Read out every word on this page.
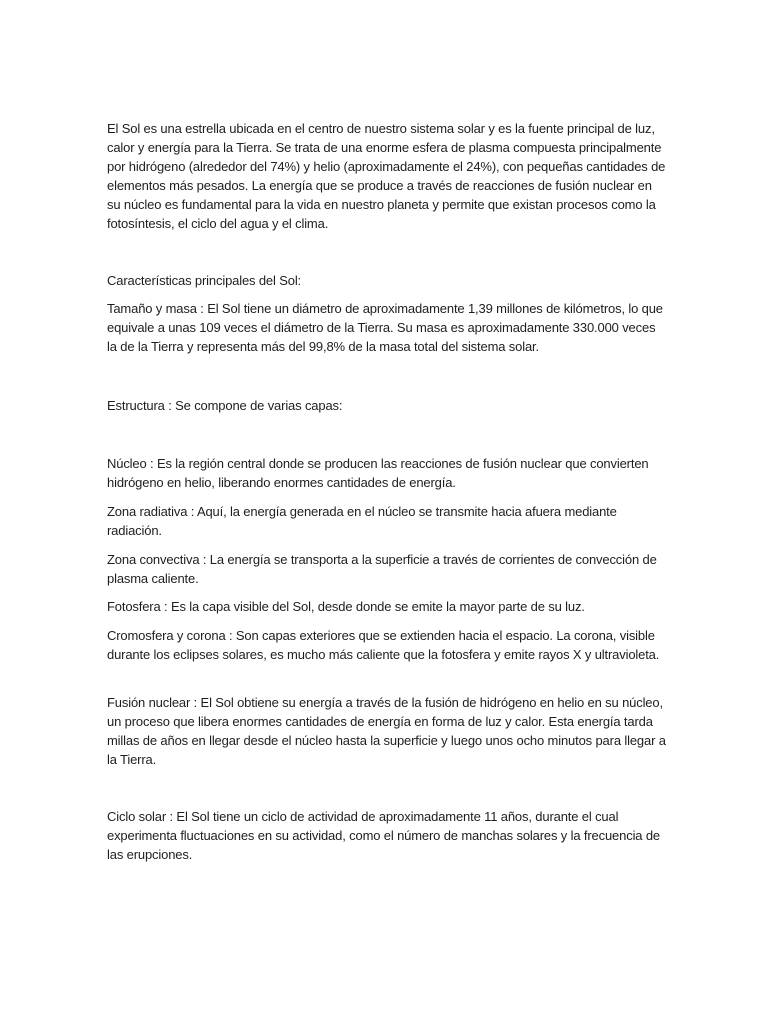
El Sol es una estrella ubicada en el centro de nuestro sistema solar y es la fuente principal de luz, calor y energía para la Tierra. Se trata de una enorme esfera de plasma compuesta principalmente por hidrógeno (alrededor del 74%) y helio (aproximadamente el 24%), con pequeñas cantidades de elementos más pesados. La energía que se produce a través de reacciones de fusión nuclear en su núcleo es fundamental para la vida en nuestro planeta y permite que existan procesos como la fotosíntesis, el ciclo del agua y el clima.

Características principales del Sol:

Tamaño y masa : El Sol tiene un diámetro de aproximadamente 1,39 millones de kilómetros, lo que equivale a unas 109 veces el diámetro de la Tierra. Su masa es aproximadamente 330.000 veces la de la Tierra y representa más del 99,8% de la masa total del sistema solar.

Estructura : Se compone de varias capas:

Núcleo : Es la región central donde se producen las reacciones de fusión nuclear que convierten hidrógeno en helio, liberando enormes cantidades de energía.

Zona radiativa : Aquí, la energía generada en el núcleo se transmite hacia afuera mediante radiación.

Zona convectiva : La energía se transporta a la superficie a través de corrientes de convección de plasma caliente.

Fotosfera : Es la capa visible del Sol, desde donde se emite la mayor parte de su luz.

Cromosfera y corona : Son capas exteriores que se extienden hacia el espacio. La corona, visible durante los eclipses solares, es mucho más caliente que la fotosfera y emite rayos X y ultravioleta.

Fusión nuclear : El Sol obtiene su energía a través de la fusión de hidrógeno en helio en su núcleo, un proceso que libera enormes cantidades de energía en forma de luz y calor. Esta energía tarda millas de años en llegar desde el núcleo hasta la superficie y luego unos ocho minutos para llegar a la Tierra.

Ciclo solar : El Sol tiene un ciclo de actividad de aproximadamente 11 años, durante el cual experimenta fluctuaciones en su actividad, como el número de manchas solares y la frecuencia de las erupciones.
